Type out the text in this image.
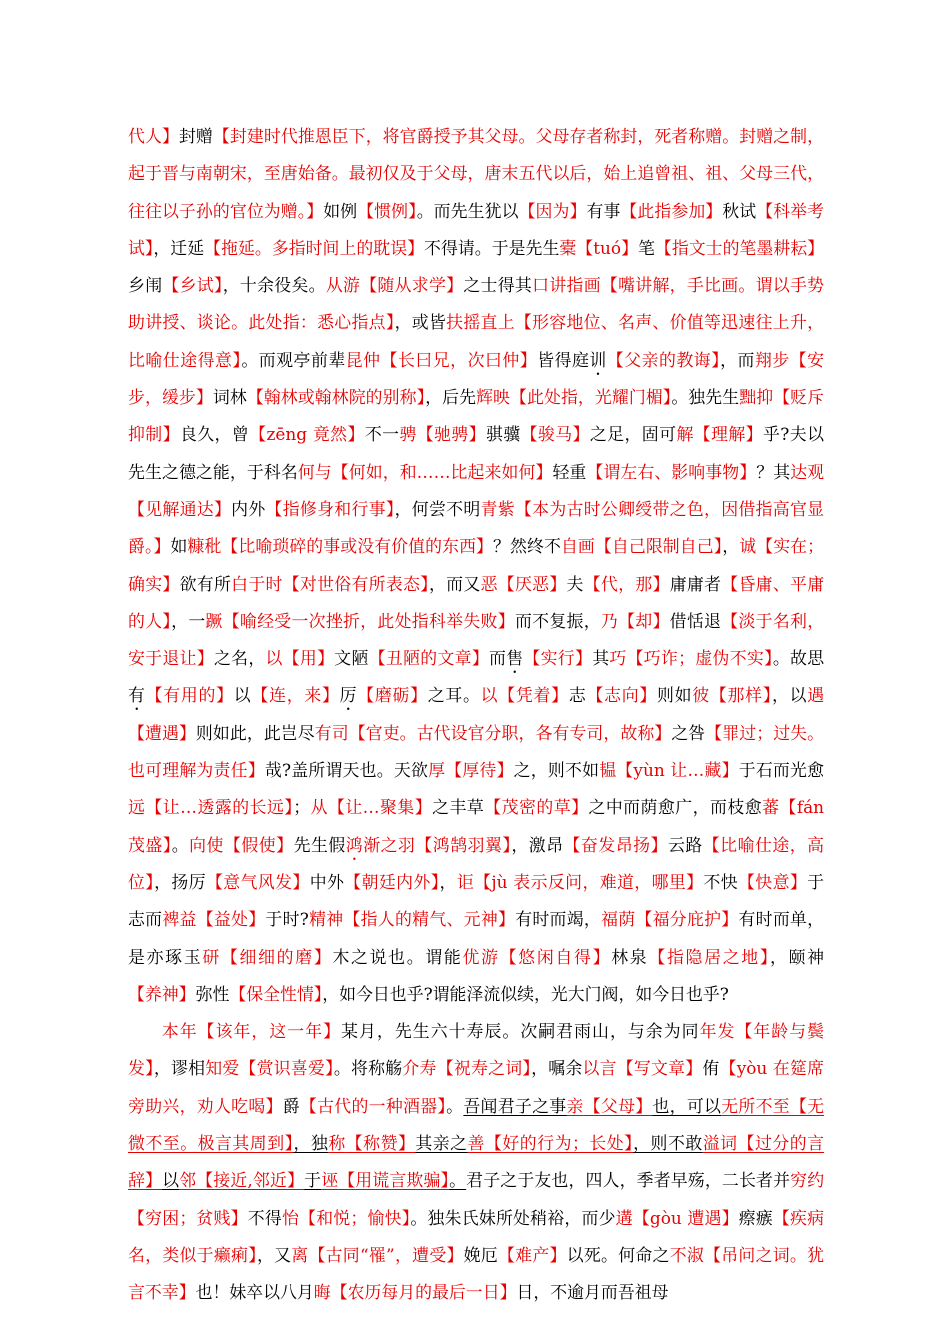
代人】封赠【封建时代推恩臣下，将官爵授予其父母。父母存者称封，死者称赠。封赠之制，起于晋与南朝宋，至唐始备。最初仅及于父母，唐末五代以后，始上追曾祖、祖、父母三代，往往以子孙的官位为赠。】如例【惯例】。而先生犹以【因为】有事【此指参加】秋试【科举考试】，迁延【拖延。多指时间上的耽误】不得请。于是先生橐【tuó】笔【指文士的笔墨耕耘】乡闱【乡试】，十余役矣。从游【随从求学】之士得其口讲指画【嘴讲解，手比画。谓以手势助讲授、谈论。此处指：悉心指点】，或皆扶摇直上【形容地位、名声、价值等迅速往上升，比喻仕途得意】。而观亭前辈昆仲【长曰兄，次曰仲】皆得庭训【父亲的教诲】，而翔步【安步，缓步】词林【翰林或翰林院的别称】，后先辉映【此处指，光耀门楣】。独先生黜抑【贬斥抑制】良久，曾【zēng 竟然】不一骋【驰骋】骐骥【骏马】之足，固可解【理解】乎?夫以先生之德之能，于科名何与【何如，和……比起来如何】轻重【谓左右、影响事物】？其达观【见解通达】内外【指修身和行事】，何尝不明青紫【本为古时公卿绶带之色，因借指高官显爵。】如糠秕【比喻琐碎的事或没有价值的东西】？然终不自画【自己限制自己】，诚【实在；确实】欲有所白于时【对世俗有所表态】，而又恶【厌恶】夫【代，那】庸庸者【昏庸、平庸的人】，一蹶【喻经受一次挫折，此处指科举失败】而不复振，乃【却】借恬退【淡于名利，安于退让】之名，以【用】文陋【丑陋的文章】而售【实行】其巧【巧诈；虚伪不实】。故思有【有用的】以【连，来】厉【磨砺】之耳。以【凭着】志【志向】则如彼【那样】，以遇【遭遇】则如此，此岂尽有司【官吏。古代设官分职，各有专司，故称】之咎【罪过；过失。也可理解为责任】哉?盖所谓天也。天欲厚【厚待】之，则不如韫【yùn 让…藏】于石而光愈远【让…透露的长远】；从【让…聚集】之丰草【茂密的草】之中而荫愈广，而枝愈蕃【fán 茂盛】。向使【假使】先生假鸿渐之羽【鸿鹄羽翼】，激昂【奋发昂扬】云路【比喻仕途，高位】，扬厉【意气风发】中外【朝廷内外】，讵【jù 表示反问，难道，哪里】不快【快意】于志而裨益【益处】于时?精神【指人的精气、元神】有时而竭，福荫【福分庇护】有时而单，是亦琢玉研【细细的磨】木之说也。谓能优游【悠闲自得】林泉【指隐居之地】，颐神【养神】弥性【保全性情】，如今日也乎?谓能泽流似续，光大门阀，如今日也乎?

本年【该年，这一年】某月，先生六十寿辰。次嗣君雨山，与余为同年发【年龄与鬓发】，谬相知爱【赏识喜爱】。将称觞介寿【祝寿之词】，嘱余以言【写文章】侑【yòu 在筵席旁助兴，劝人吃喝】爵【古代的一种酒器】。吾闻君子之事亲【父母】也，可以无所不至【无微不至。极言其周到】，独称【称赞】其亲之善【好的行为；长处】，则不敢溢词【过分的言辞】以邻【接近,邻近】于诬【用谎言欺骗】。君子之于友也，四人，季者早殇，二长者并穷约【穷困；贫贱】不得怡【和悦；愉快】。独朱氏妹所处稍裕，而少遘【gòu 遭遇】瘵瘯【疾病名，类似于癞痢】，又离【古同“罹”，遭受】娩厄【难产】以死。何命之不淑【吊问之词。犹言不幸】也！妹卒以八月晦【农历每月的最后一日】日，不逾月而吾祖母
